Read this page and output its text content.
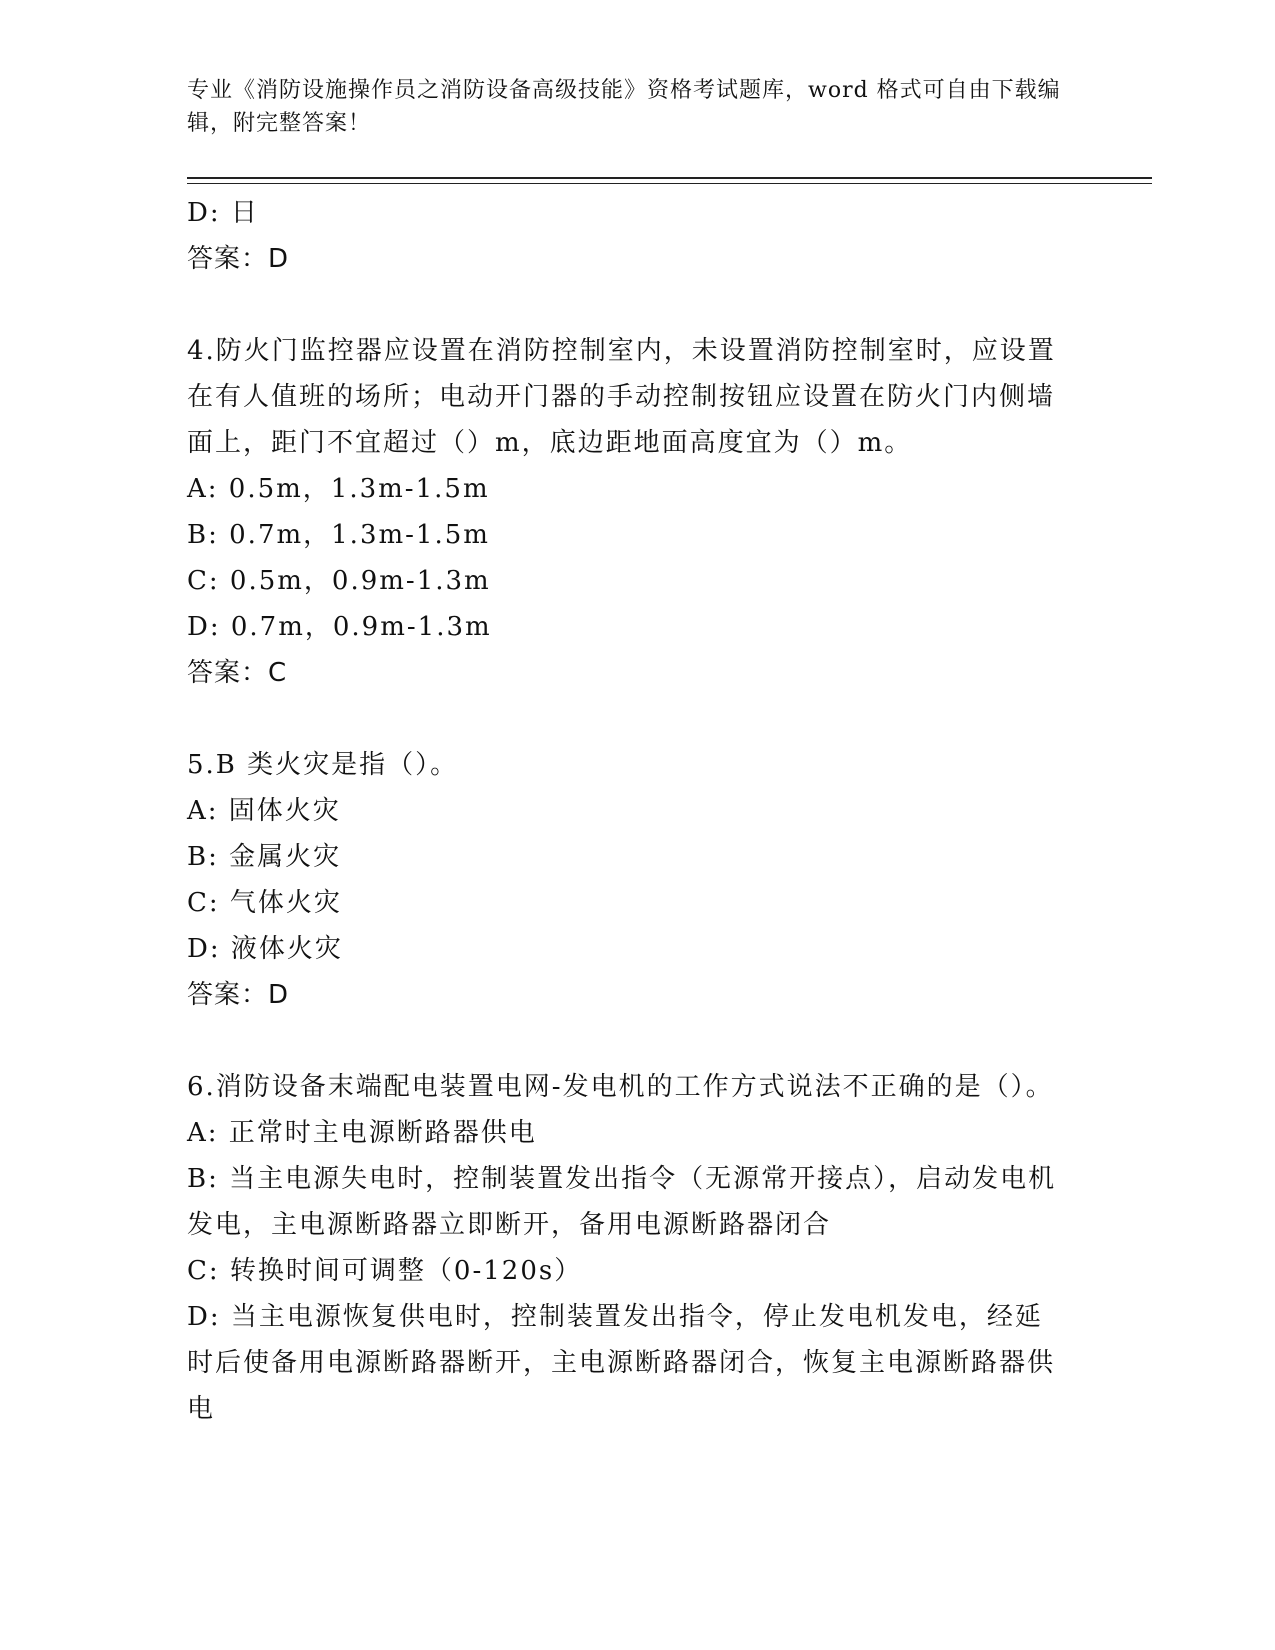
专业《消防设施操作员之消防设备高级技能》资格考试题库，word 格式可自由下载编辑，附完整答案！
D: 日
答案：D
4.防火门监控器应设置在消防控制室内，未设置消防控制室时，应设置在有人值班的场所；电动开门器的手动控制按钮应设置在防火门内侧墙面上，距门不宜超过（）m，底边距地面高度宜为（）m。
A: 0.5m，1.3m-1.5m
B: 0.7m，1.3m-1.5m
C: 0.5m，0.9m-1.3m
D: 0.7m，0.9m-1.3m
答案：C
5.B 类火灾是指（）。
A: 固体火灾
B: 金属火灾
C: 气体火灾
D: 液体火灾
答案：D
6.消防设备末端配电装置电网-发电机的工作方式说法不正确的是（）。
A: 正常时主电源断路器供电
B: 当主电源失电时，控制装置发出指令（无源常开接点），启动发电机发电，主电源断路器立即断开，备用电源断路器闭合
C: 转换时间可调整（0-120s）
D: 当主电源恢复供电时，控制装置发出指令，停止发电机发电，经延时后使备用电源断路器断开，主电源断路器闭合，恢复主电源断路器供电
